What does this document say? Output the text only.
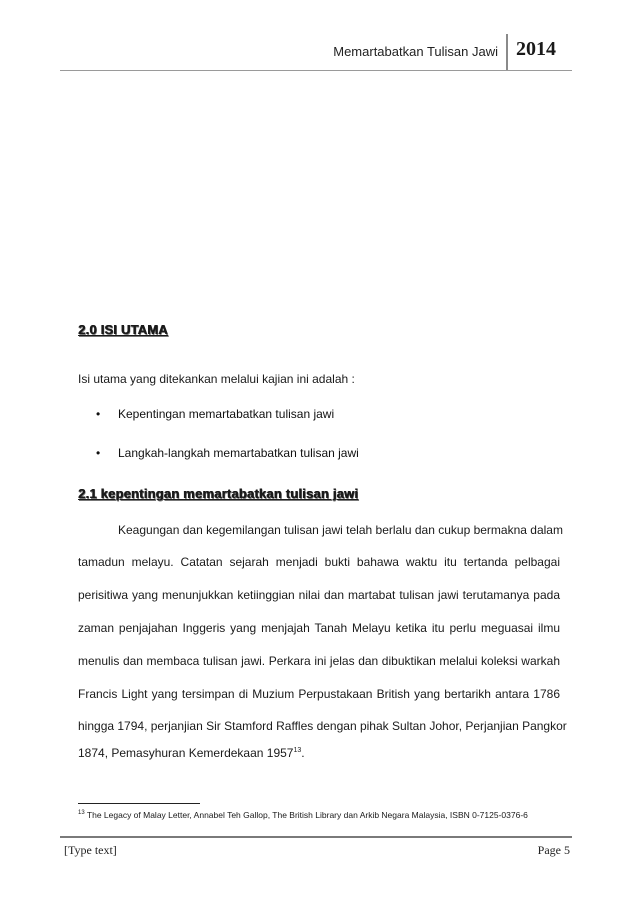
Memartabatkan Tulisan Jawi 2014
2.0 ISI UTAMA
Isi utama yang ditekankan melalui kajian ini adalah :
• Kepentingan memartabatkan tulisan jawi
• Langkah-langkah memartabatkan tulisan jawi
2.1 kepentingan memartabatkan tulisan jawi
Keagungan dan kegemilangan tulisan jawi telah berlalu dan cukup bermakna dalam
tamadun melayu. Catatan sejarah menjadi bukti bahawa waktu itu tertanda pelbagai
perisitiwa yang menunjukkan ketiinggian nilai dan martabat tulisan jawi terutamanya pada
zaman penjajahan Inggeris yang menjajah Tanah Melayu ketika itu perlu meguasai ilmu
menulis dan membaca tulisan jawi. Perkara ini jelas dan dibuktikan melalui koleksi warkah
Francis Light yang tersimpan di Muzium Perpustakaan British yang bertarikh antara 1786
hingga 1794, perjanjian Sir Stamford Raffles dengan pihak Sultan Johor, Perjanjian Pangkor
1874, Pemasyhuran Kemerdekaan 1957$^{13}$.
$^{13}$ The Legacy of Malay Letter, Annabel Teh Gallop, The British Library dan Arkib Negara Malaysia, ISBN 0-7125-0376-6
[Type text]	Page 5
